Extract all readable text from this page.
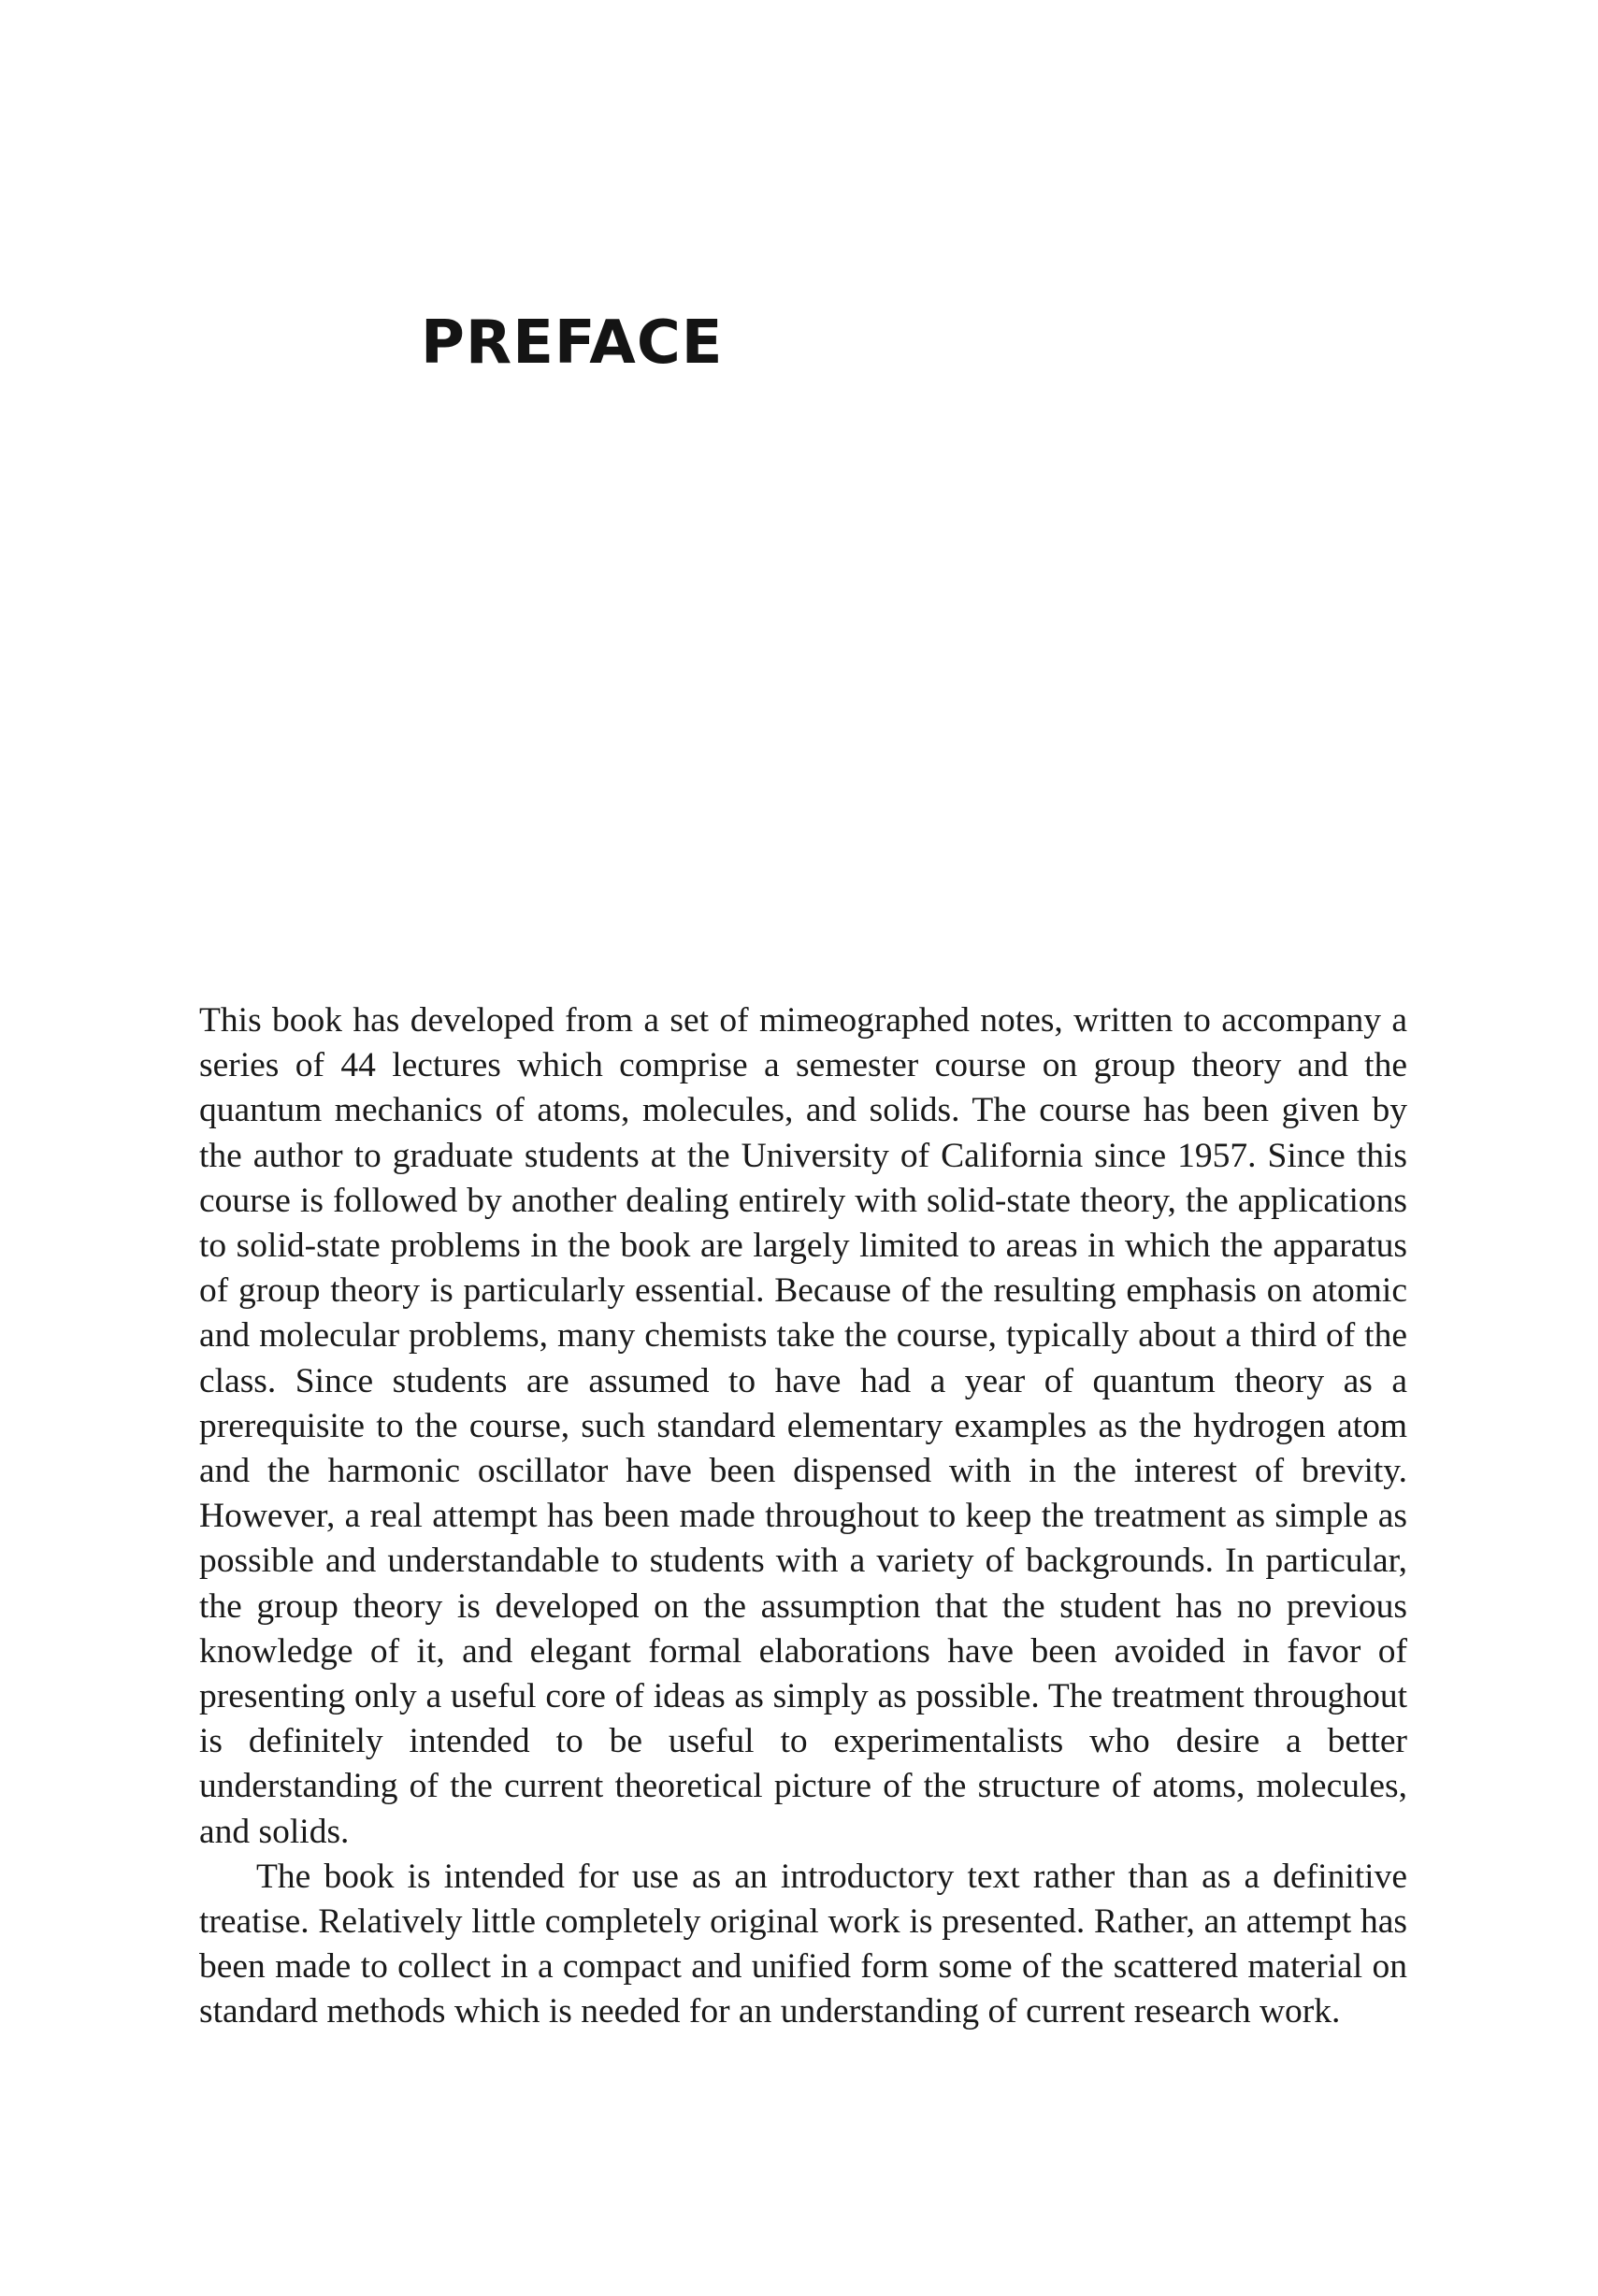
PREFACE

This book has developed from a set of mimeographed notes, written to accompany a series of 44 lectures which comprise a semester course on group theory and the quantum mechanics of atoms, molecules, and solids. The course has been given by the author to graduate students at the University of California since 1957. Since this course is followed by another dealing entirely with solid-state theory, the applications to solid-state problems in the book are largely limited to areas in which the apparatus of group theory is particularly essential. Because of the resulting emphasis on atomic and molecular problems, many chemists take the course, typically about a third of the class. Since students are assumed to have had a year of quantum theory as a prerequisite to the course, such standard elementary examples as the hydrogen atom and the harmonic oscillator have been dispensed with in the interest of brevity. However, a real attempt has been made throughout to keep the treatment as simple as possible and understandable to students with a variety of backgrounds. In particular, the group theory is developed on the assumption that the student has no previous knowledge of it, and elegant formal elaborations have been avoided in favor of presenting only a useful core of ideas as simply as possible. The treatment throughout is definitely intended to be useful to experimentalists who desire a better understanding of the current theoretical picture of the structure of atoms, molecules, and solids.

The book is intended for use as an introductory text rather than as a definitive treatise. Relatively little completely original work is presented. Rather, an attempt has been made to collect in a compact and unified form some of the scattered material on standard methods which is needed for an understanding of current research work.
